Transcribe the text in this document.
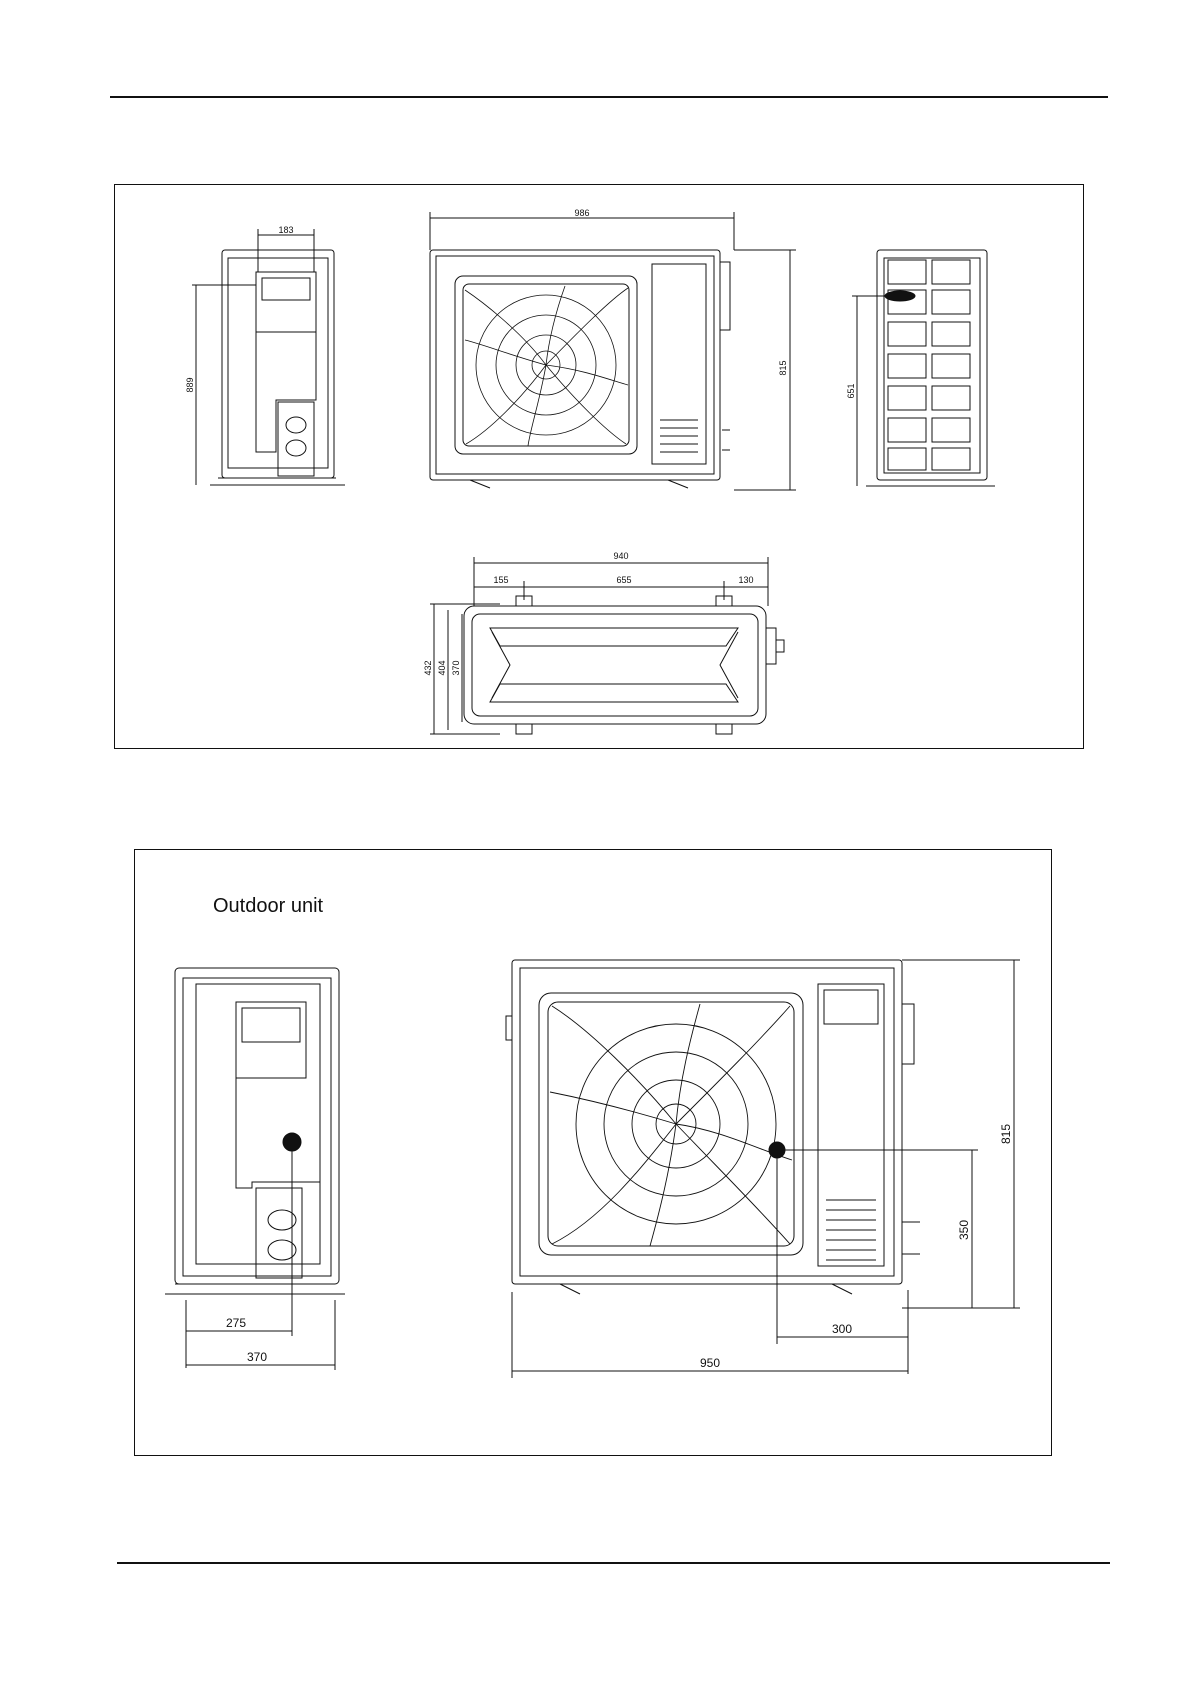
Outdoor unit
183
889
986
815
651
940
155	655	130
432 404 370
275
370
300
950
350
815
